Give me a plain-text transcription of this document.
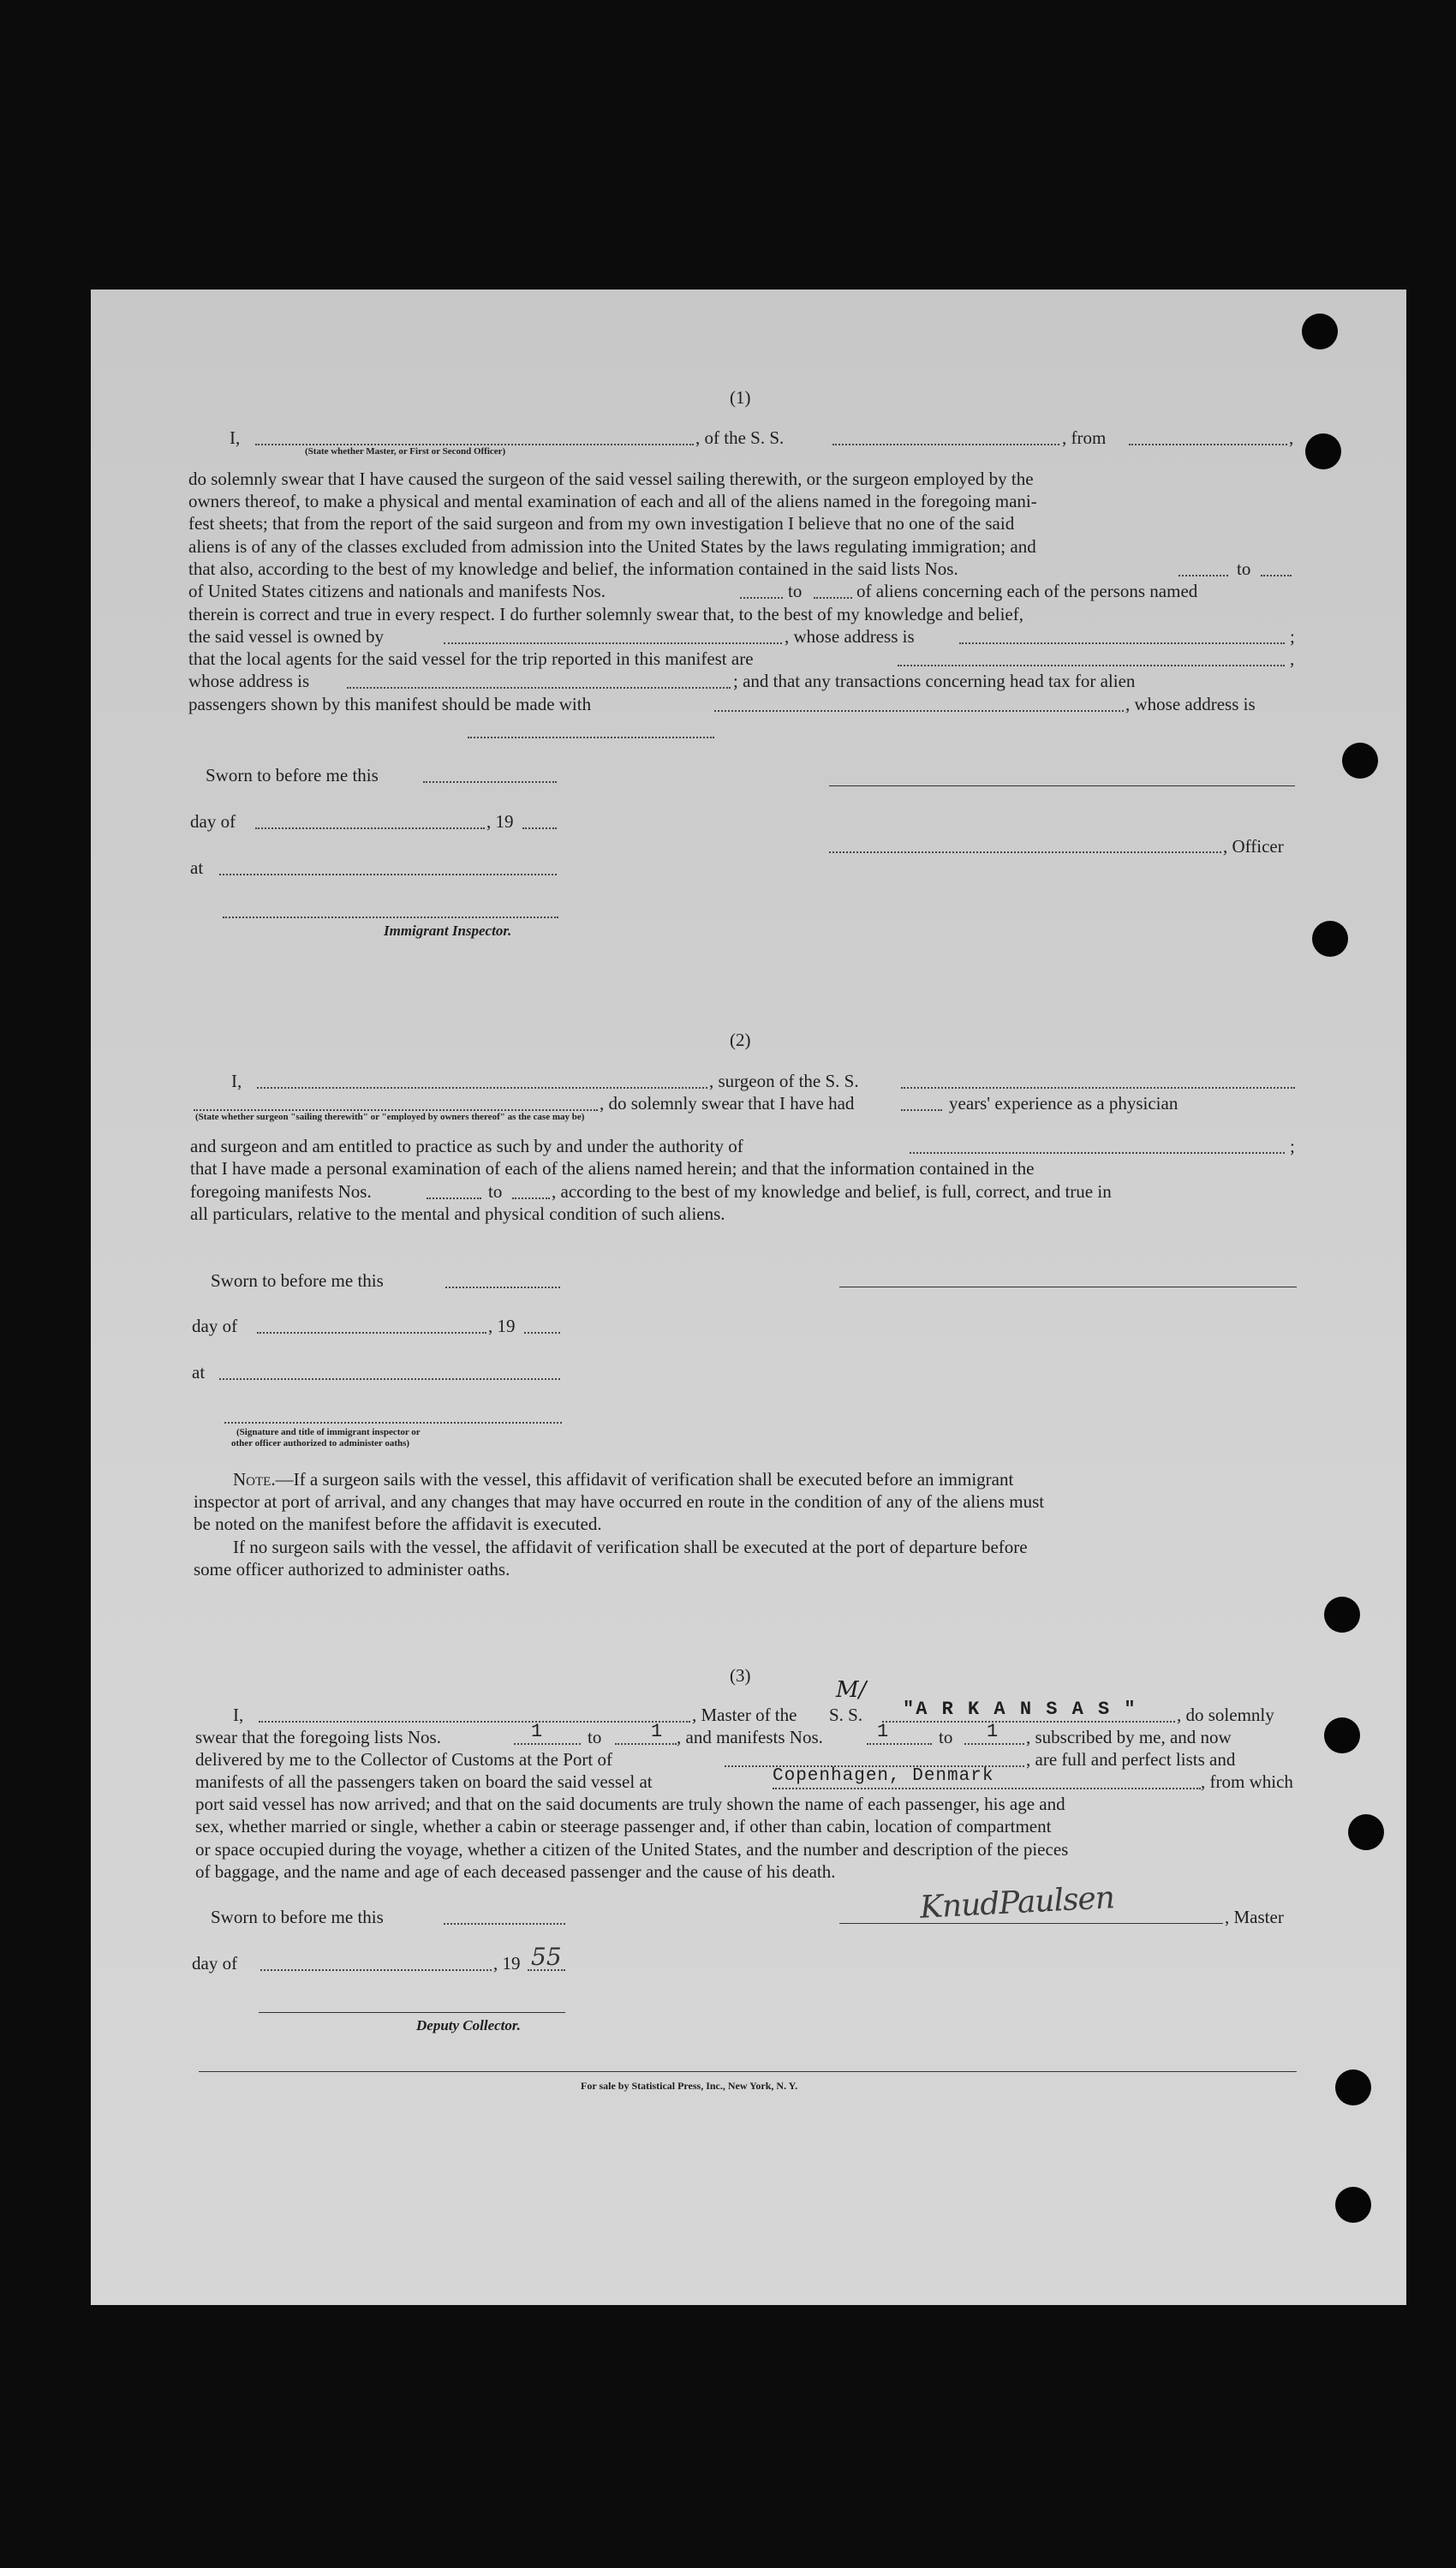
(1)
I,	, of the S. S.	, from	,
(State whether Master, or First or Second Officer)
do solemnly swear that I have caused the surgeon of the said vessel sailing therewith, or the surgeon employed by the
owners thereof, to make a physical and mental examination of each and all of the aliens named in the foregoing mani-
fest sheets; that from the report of the said surgeon and from my own investigation I believe that no one of the said
aliens is of any of the classes excluded from admission into the United States by the laws regulating immigration; and
that also, according to the best of my knowledge and belief, the information contained in the said lists Nos.	to
of United States citizens and nationals and manifests Nos.	to	of aliens concerning each of the persons named
therein is correct and true in every respect. I do further solemnly swear that, to the best of my knowledge and belief,
the said vessel is owned by	, whose address is	;
that the local agents for the said vessel for the trip reported in this manifest are	,
whose address is	; and that any transactions concerning head tax for alien
passengers shown by this manifest should be made with	, whose address is
Sworn to before me this
day of	, 19
, Officer
at
Immigrant Inspector.
(2)
I,	, surgeon of the S. S.
, do solemnly swear that I have had	years' experience as a physician
(State whether surgeon "sailing therewith" or "employed by owners thereof" as the case may be)
and surgeon and am entitled to practice as such by and under the authority of	;
that I have made a personal examination of each of the aliens named herein; and that the information contained in the
foregoing manifests Nos.	to	, according to the best of my knowledge and belief, is full, correct, and true in
all particulars, relative to the mental and physical condition of such aliens.
Sworn to before me this
day of	, 19
at
(Signature and title of immigrant inspector or
other officer authorized to administer oaths)
Note.—If a surgeon sails with the vessel, this affidavit of verification shall be executed before an immigrant
inspector at port of arrival, and any changes that may have occurred en route in the condition of any of the aliens must
be noted on the manifest before the affidavit is executed.
If no surgeon sails with the vessel, the affidavit of verification shall be executed at the port of departure before
some officer authorized to administer oaths.
(3)
I,	, Master of the S. S.
M/
"A R K A N S A S " , do solemnly
swear that the foregoing lists Nos.	1 to	1 , and manifests Nos.	1	to 1 , subscribed by me, and now
delivered by me to the Collector of Customs at the Port of	, are full and perfect lists and
manifests of all the passengers taken on board the said vessel at	Copenhagen, Denmark	, from which
port said vessel has now arrived; and that on the said documents are truly shown the name of each passenger, his age and
sex, whether married or single, whether a cabin or steerage passenger and, if other than cabin, location of compartment
or space occupied during the voyage, whether a citizen of the United States, and the number and description of the pieces
of baggage, and the name and age of each deceased passenger and the cause of his death.
Sworn to before me this	KnudPaulsen	, Master
day of	, 19 55
Deputy Collector.
For sale by Statistical Press, Inc., New York, N. Y.
